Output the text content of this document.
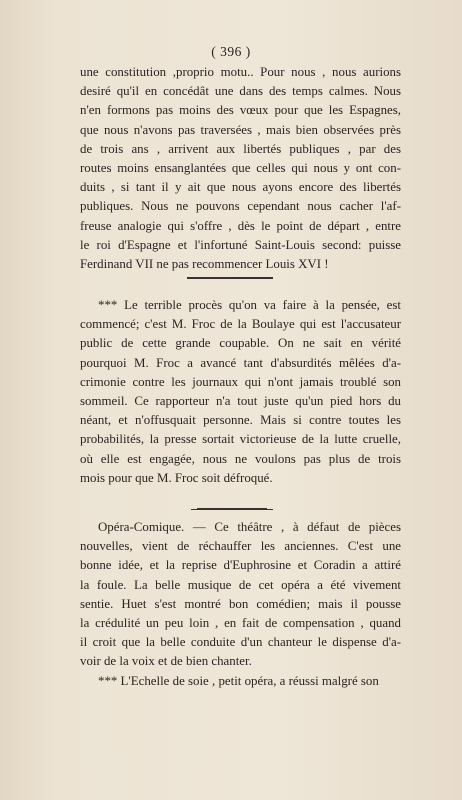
( 396 )
une constitution ,proprio motu.. Pour nous , nous aurions
desiré qu'il en concédât une dans des temps calmes. Nous
n'en formons pas moins des vœux pour que les Espagnes,
que nous n'avons pas traversées , mais bien observées près
de trois ans , arrivent aux libertés publiques , par des
routes moins ensanglantées que celles qui nous y ont con-
duits , si tant il y ait que nous ayons encore des libertés
publiques. Nous ne pouvons cependant nous cacher l'af-
freuse analogie qui s'offre , dès le point de départ , entre
le roi d'Espagne et l'infortuné Saint-Louis second: puisse
Ferdinand VII ne pas recommencer Louis XVI !
*** Le terrible procès qu'on va faire à la pensée, est
commencé; c'est M. Froc de la Boulaye qui est l'accusateur
public de cette grande coupable. On ne sait en vérité
pourquoi M. Froc a avancé tant d'absurdités mêlées d'a-
crimonie contre les journaux qui n'ont jamais troublé son
sommeil. Ce rapporteur n'a tout juste qu'un pied hors du
néant, et n'offusquait personne. Mais si contre toutes les
probabilités, la presse sortait victorieuse de la lutte cruelle,
où elle est engagée, nous ne voulons pas plus de trois
mois pour que M. Froc soit défroqué.
Opéra-Comique. — Ce théâtre , à défaut de pièces
nouvelles, vient de réchauffer les anciennes. C'est une
bonne idée, et la reprise d'Euphrosine et Coradin a attiré
la foule. La belle musique de cet opéra a été vivement
sentie. Huet s'est montré bon comédien; mais il pousse
la crédulité un peu loin , en fait de compensation , quand
il croit que la belle conduite d'un chanteur le dispense d'a-
voir de la voix et de bien chanter.
*** L'Echelle de soie , petit opéra, a réussi malgré son
